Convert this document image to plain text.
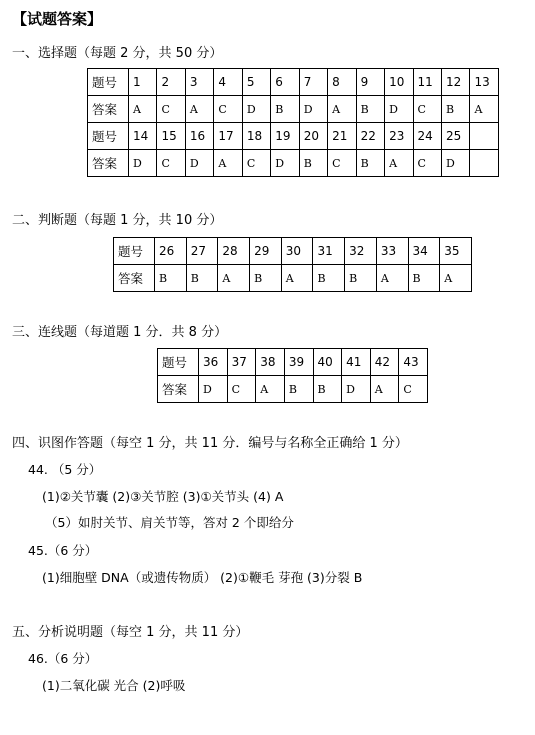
【试题答案】
一、选择题（每题 2 分，共 50 分）
题号	1	2	3	4	5	6	7	8	9	10	11	12	13
答案	A	C	A	C	D	B	D	A	B	D	C	B	A
题号	14	15	16	17	18	19	20	21	22	23	24	25	
答案	D	C	D	A	C	D	B	C	B	A	C	D	
二、判断题（每题 1 分，共 10 分）
题号	26	27	28	29	30	31	32	33	34	35
答案	B	B	A	B	A	B	B	A	B	A
三、连线题（每道题 1 分．共 8 分）
题号	36	37	38	39	40	41	42	43
答案	D	C	A	B	B	D	A	C
四、识图作答题（每空 1 分，共 11 分．编号与名称全正确给 1 分）
44. （5 分）
(1)②关节囊 (2)③关节腔 (3)①关节头 (4) A
（5）如肘关节、肩关节等，答对 2 个即给分
45.（6 分）
(1)细胞壁 DNA（或遗传物质） (2)①鞭毛 芽孢 (3)分裂 B
五、分析说明题（每空 1 分，共 11 分）
46.（6 分）
(1)二氧化碳 光合 (2)呼吸
